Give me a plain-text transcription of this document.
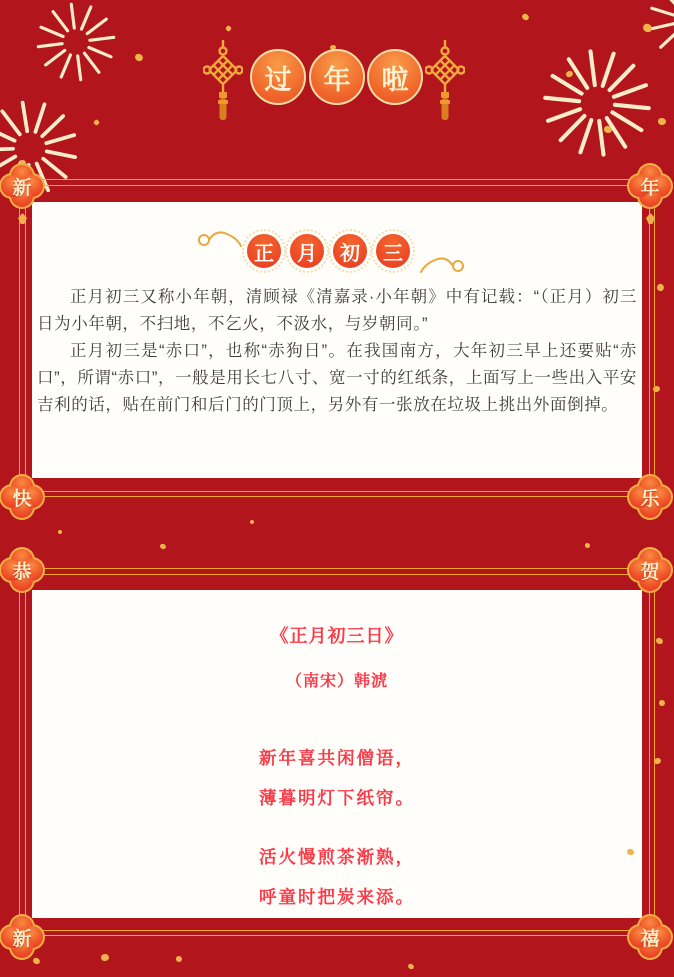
过 年 啦
正 月 初 三

正月初三又称小年朝，清顾禄《清嘉录·小年朝》中有记载：“（正月）初三日为小年朝，不扫地，不乞火，不汲水，与岁朝同。”

正月初三是“赤口”，也称“赤狗日”。在我国南方，大年初三早上还要贴“赤口”，所谓“赤口”，一般是用长七八寸、宽一寸的红纸条，上面写上一些出入平安吉利的话，贴在前门和后门的门顶上，另外有一张放在垃圾上挑出外面倒掉。

《正月初三日》

（南宋）韩淲

新年喜共闲僧语，

薄暮明灯下纸帘。

活火慢煎茶渐熟，

呼童时把炭来添。

新	年
快	乐
恭	贺
新	禧
